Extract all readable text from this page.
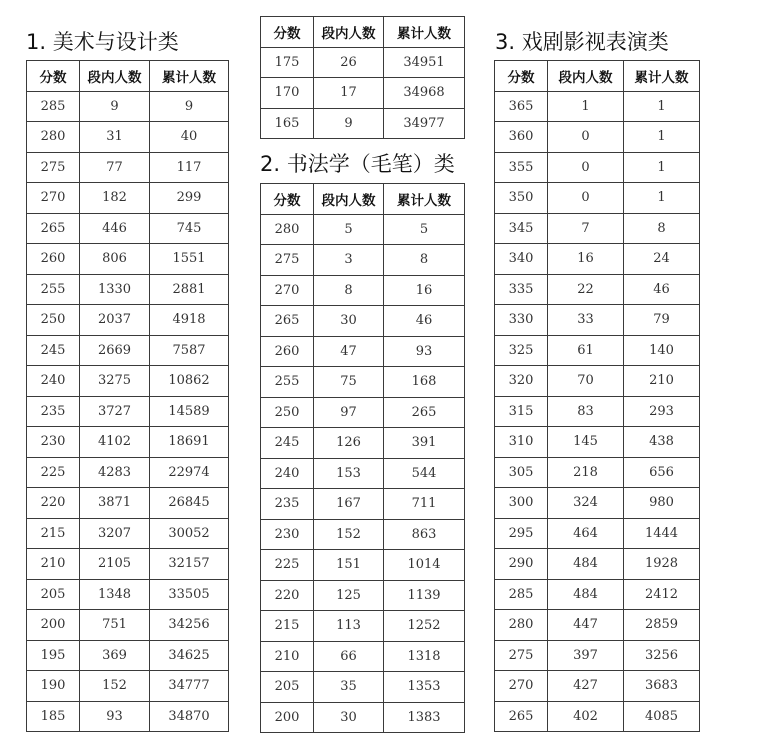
1. 美术与设计类
分数	段内人数	累计人数
285	9	9
280	31	40
275	77	117
270	182	299
265	446	745
260	806	1551
255	1330	2881
250	2037	4918
245	2669	7587
240	3275	10862
235	3727	14589
230	4102	18691
225	4283	22974
220	3871	26845
215	3207	30052
210	2105	32157
205	1348	33505
200	751	34256
195	369	34625
190	152	34777
185	93	34870
分数	段内人数	累计人数
175	26	34951
170	17	34968
165	9	34977
2. 书法学（毛笔）类
分数	段内人数	累计人数
280	5	5
275	3	8
270	8	16
265	30	46
260	47	93
255	75	168
250	97	265
245	126	391
240	153	544
235	167	711
230	152	863
225	151	1014
220	125	1139
215	113	1252
210	66	1318
205	35	1353
200	30	1383
3. 戏剧影视表演类
分数	段内人数	累计人数
365	1	1
360	0	1
355	0	1
350	0	1
345	7	8
340	16	24
335	22	46
330	33	79
325	61	140
320	70	210
315	83	293
310	145	438
305	218	656
300	324	980
295	464	1444
290	484	1928
285	484	2412
280	447	2859
275	397	3256
270	427	3683
265	402	4085
